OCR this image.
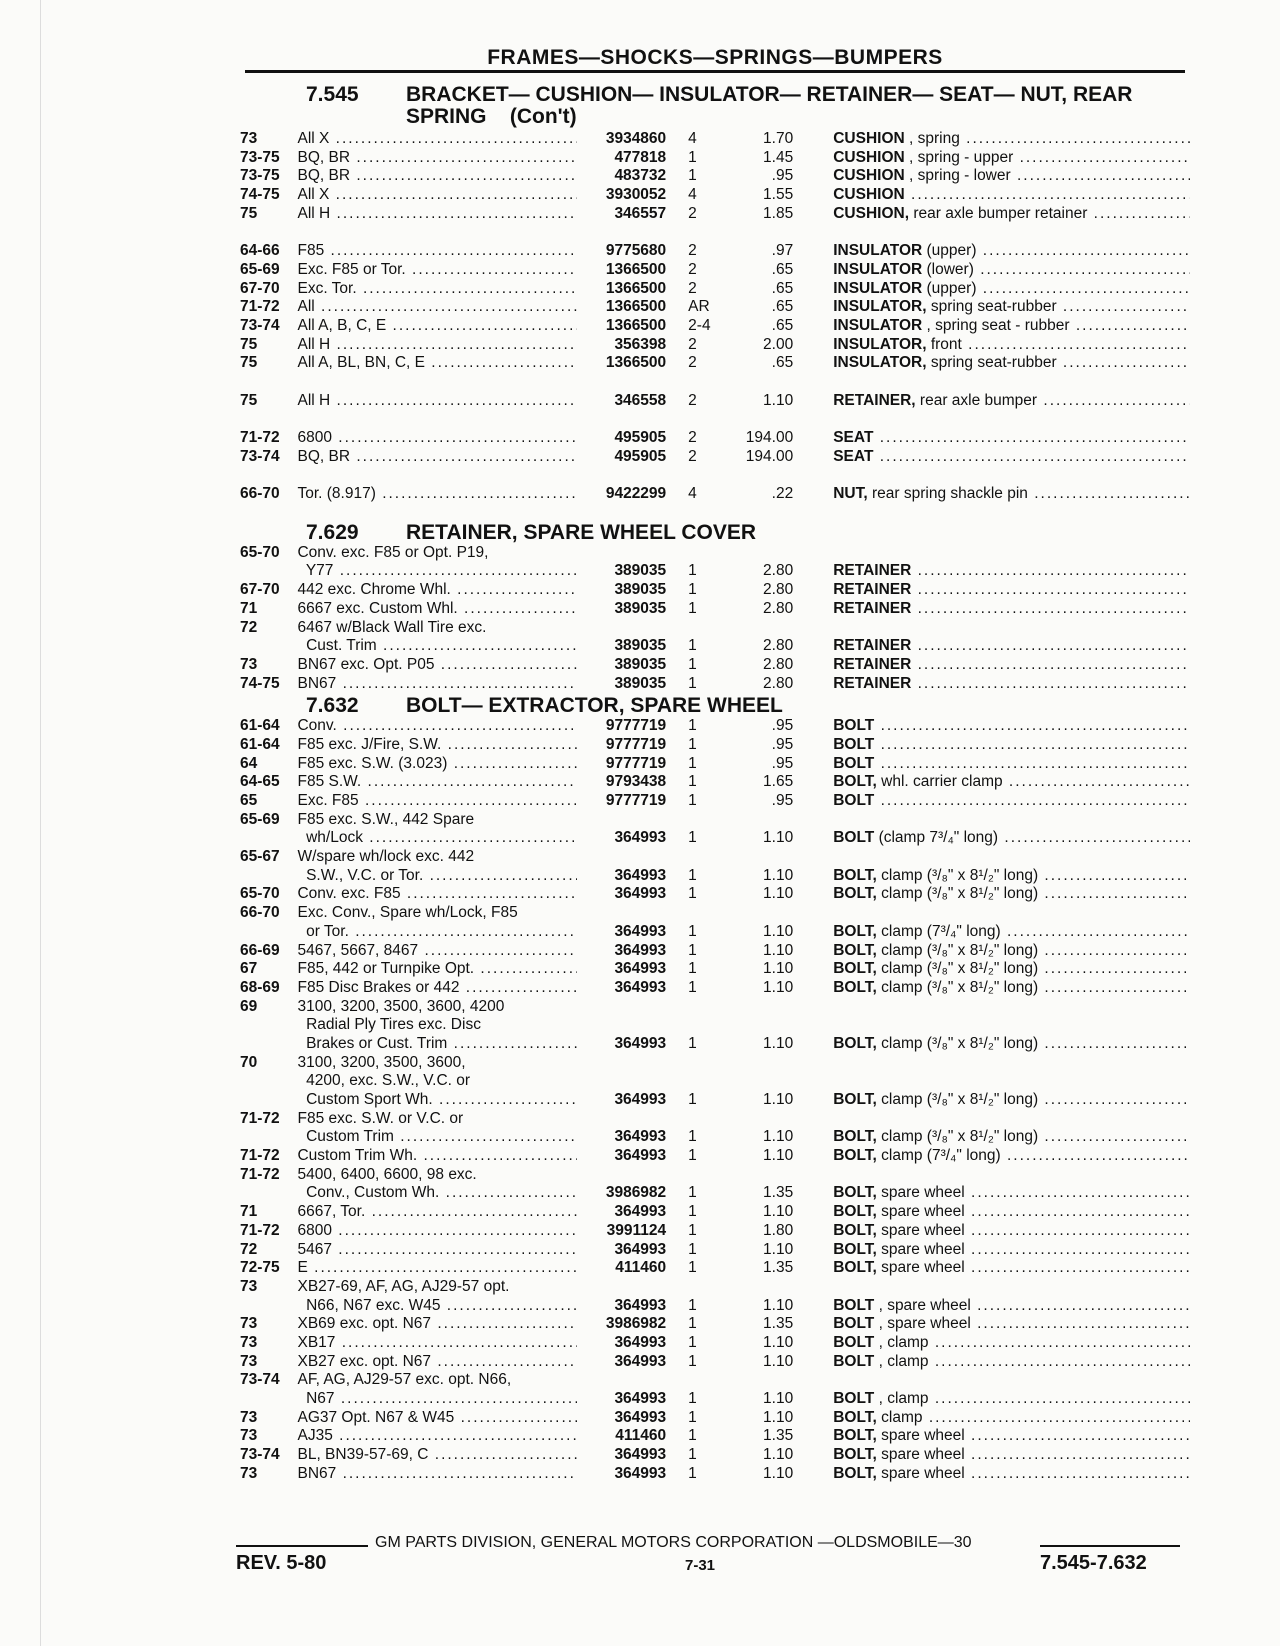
FRAMES—SHOCKS—SPRINGS—BUMPERS
7.545	BRACKET— CUSHION— INSULATOR— RETAINER— SEAT— NUT, REAR
SPRING    (Con't)
73	All X .....	3934860	4	1.70	CUSHION , spring .....
73-75	BQ, BR .....	477818	1	1.45	CUSHION , spring - upper .....
73-75	BQ, BR .....	483732	1	.95	CUSHION , spring - lower .....
74-75	All X .....	3930052	4	1.55	CUSHION .....
75	All H .....	346557	2	1.85	CUSHION, rear axle bumper retainer .....
64-66	F85 .....	9775680	2	.97	INSULATOR (upper) .....
65-69	Exc. F85 or Tor. .....	1366500	2	.65	INSULATOR (lower) .....
67-70	Exc. Tor. .....	1366500	2	.65	INSULATOR (upper) .....
71-72	All .....	1366500	AR	.65	INSULATOR, spring seat-rubber .....
73-74	All A, B, C, E .....	1366500	2-4	.65	INSULATOR , spring seat - rubber .....
75	All H .....	356398	2	2.00	INSULATOR, front .....
75	All A, BL, BN, C, E .....	1366500	2	.65	INSULATOR, spring seat-rubber .....
75	All H .....	346558	2	1.10	RETAINER, rear axle bumper .....
71-72	6800 .....	495905	2	194.00	SEAT .....
73-74	BQ, BR .....	495905	2	194.00	SEAT .....
66-70	Tor. (8.917) .....	9422299	4	.22	NUT, rear spring shackle pin .....
7.629	RETAINER, SPARE WHEEL COVER
65-70	Conv. exc. F85 or Opt. P19,
Y77 .....	389035	1	2.80	RETAINER .....
67-70	442 exc. Chrome Whl. .....	389035	1	2.80	RETAINER .....
71	6667 exc. Custom Whl. .....	389035	1	2.80	RETAINER .....
72	6467 w/Black Wall Tire exc.
Cust. Trim .....	389035	1	2.80	RETAINER .....
73	BN67 exc. Opt. P05 .....	389035	1	2.80	RETAINER .....
74-75	BN67 .....	389035	1	2.80	RETAINER .....
7.632	BOLT— EXTRACTOR, SPARE WHEEL
61-64	Conv. .....	9777719	1	.95	BOLT .....
61-64	F85 exc. J/Fire, S.W. .....	9777719	1	.95	BOLT .....
64	F85 exc. S.W. (3.023) .....	9777719	1	.95	BOLT .....
64-65	F85 S.W. .....	9793438	1	1.65	BOLT, whl. carrier clamp .....
65	Exc. F85 .....	9777719	1	.95	BOLT .....
65-69	F85 exc. S.W., 442 Spare
wh/Lock .....	364993	1	1.10	BOLT (clamp 7³/₄" long) .....
65-67	W/spare wh/lock exc. 442
S.W., V.C. or Tor. .....	364993	1	1.10	BOLT, clamp (³/₈" x 8¹/₂" long) .....
65-70	Conv. exc. F85 .....	364993	1	1.10	BOLT, clamp (³/₈" x 8¹/₂" long) .....
66-70	Exc. Conv., Spare wh/Lock, F85
or Tor. .....	364993	1	1.10	BOLT, clamp (7³/₄" long) .....
66-69	5467, 5667, 8467 .....	364993	1	1.10	BOLT, clamp (³/₈" x 8¹/₂" long) .....
67	F85, 442 or Turnpike Opt. .....	364993	1	1.10	BOLT, clamp (³/₈" x 8¹/₂" long) .....
68-69	F85 Disc Brakes or 442 .....	364993	1	1.10	BOLT, clamp (³/₈" x 8¹/₂" long) .....
69	3100, 3200, 3500, 3600, 4200
Radial Ply Tires exc. Disc
Brakes or Cust. Trim .....	364993	1	1.10	BOLT, clamp (³/₈" x 8¹/₂" long) .....
70	3100, 3200, 3500, 3600,
4200, exc. S.W., V.C. or
Custom Sport Wh. .....	364993	1	1.10	BOLT, clamp (³/₈" x 8¹/₂" long) .....
71-72	F85 exc. S.W. or V.C. or
Custom Trim .....	364993	1	1.10	BOLT, clamp (³/₈" x 8¹/₂" long) .....
71-72	Custom Trim Wh. .....	364993	1	1.10	BOLT, clamp (7³/₄" long) .....
71-72	5400, 6400, 6600, 98 exc.
Conv., Custom Wh. .....	3986982	1	1.35	BOLT, spare wheel .....
71	6667, Tor. .....	364993	1	1.10	BOLT, spare wheel .....
71-72	6800 .....	3991124	1	1.80	BOLT, spare wheel .....
72	5467 .....	364993	1	1.10	BOLT, spare wheel .....
72-75	E .....	411460	1	1.35	BOLT, spare wheel .....
73	XB27-69, AF, AG, AJ29-57 opt.
N66, N67 exc. W45 .....	364993	1	1.10	BOLT , spare wheel .....
73	XB69 exc. opt. N67 .....	3986982	1	1.35	BOLT , spare wheel .....
73	XB17 .....	364993	1	1.10	BOLT , clamp .....
73	XB27 exc. opt. N67 .....	364993	1	1.10	BOLT , clamp .....
73-74	AF, AG, AJ29-57 exc. opt. N66,
N67 .....	364993	1	1.10	BOLT , clamp .....
73	AG37 Opt. N67 & W45 .....	364993	1	1.10	BOLT, clamp .....
73	AJ35 .....	411460	1	1.35	BOLT, spare wheel .....
73-74	BL, BN39-57-69, C .....	364993	1	1.10	BOLT, spare wheel .....
73	BN67 .....	364993	1	1.10	BOLT, spare wheel .....
GM PARTS DIVISION, GENERAL MOTORS CORPORATION —OLDSMOBILE—30
REV. 5-80	7-31	7.545-7.632
